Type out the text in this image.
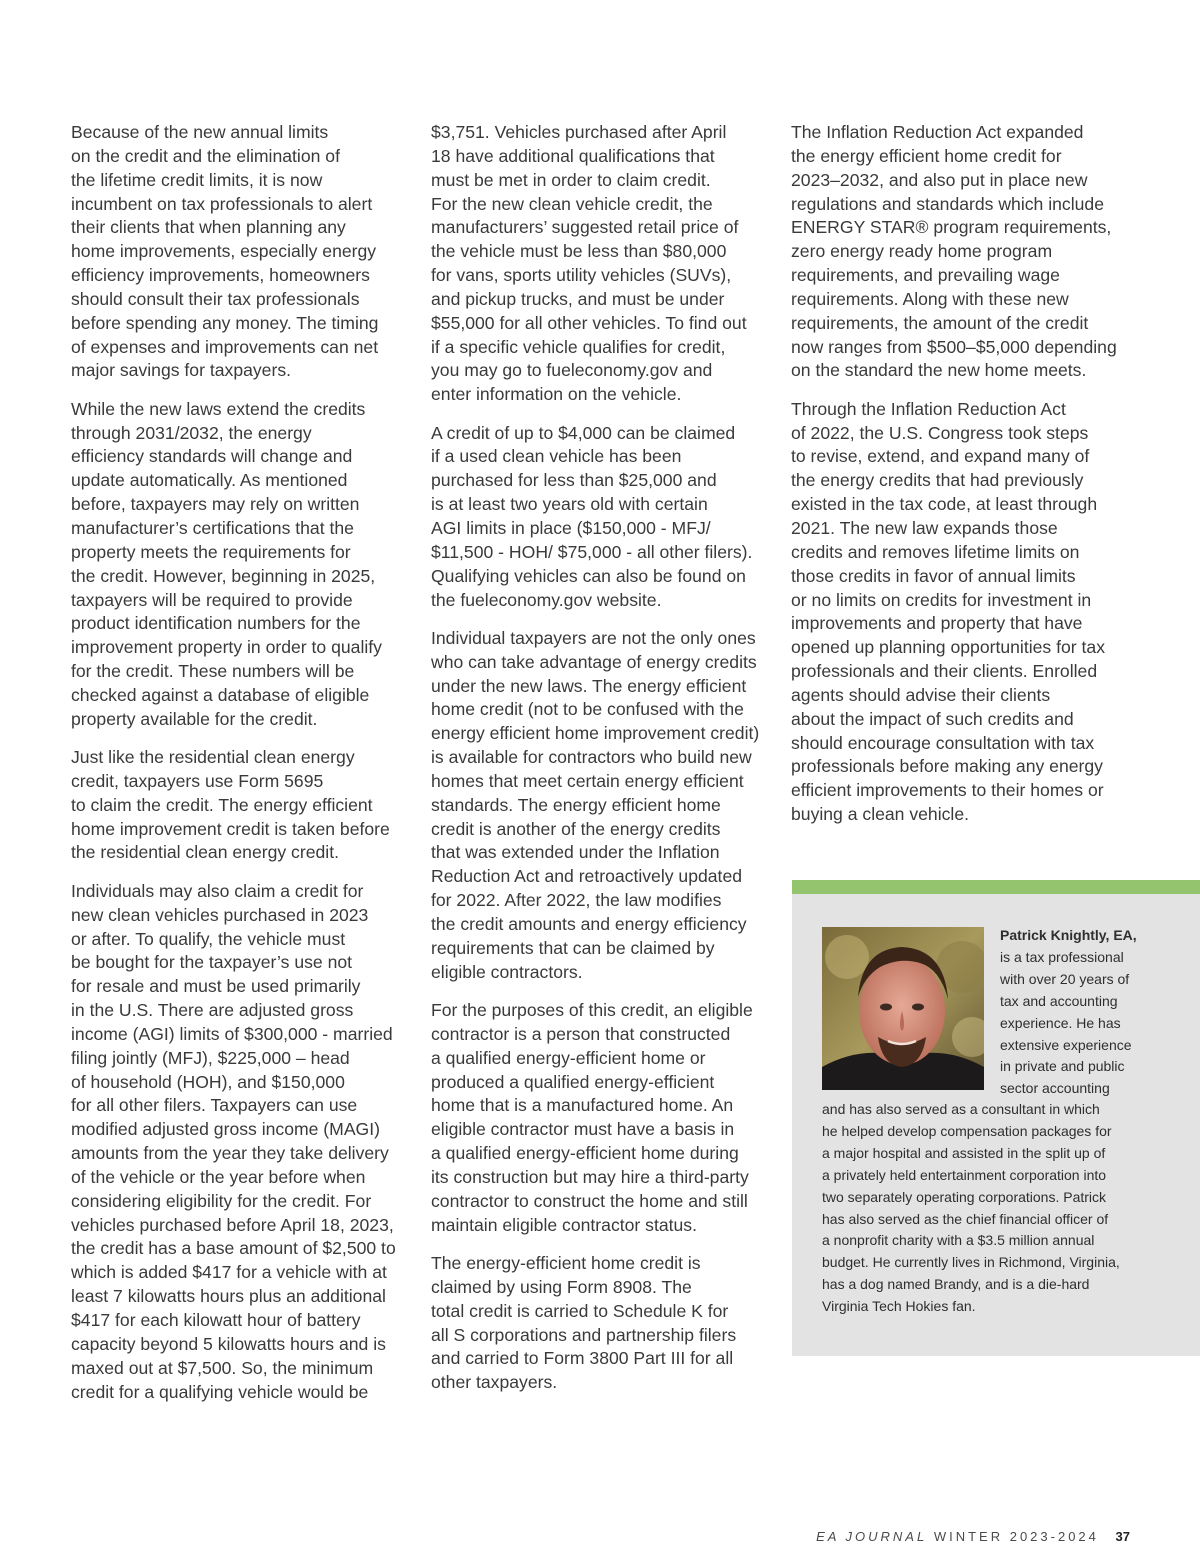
Because of the new annual limits
on the credit and the elimination of
the lifetime credit limits, it is now
incumbent on tax professionals to alert
their clients that when planning any
home improvements, especially energy
efficiency improvements, homeowners
should consult their tax professionals
before spending any money. The timing
of expenses and improvements can net
major savings for taxpayers.

While the new laws extend the credits
through 2031/2032, the energy
efficiency standards will change and
update automatically. As mentioned
before, taxpayers may rely on written
manufacturer’s certifications that the
property meets the requirements for
the credit. However, beginning in 2025,
taxpayers will be required to provide
product identification numbers for the
improvement property in order to qualify
for the credit. These numbers will be
checked against a database of eligible
property available for the credit.

Just like the residential clean energy
credit, taxpayers use Form 5695
to claim the credit. The energy efficient
home improvement credit is taken before
the residential clean energy credit.

Individuals may also claim a credit for
new clean vehicles purchased in 2023
or after. To qualify, the vehicle must
be bought for the taxpayer’s use not
for resale and must be used primarily
in the U.S. There are adjusted gross
income (AGI) limits of $300,000 - married
filing jointly (MFJ), $225,000 – head
of household (HOH), and $150,000
for all other filers. Taxpayers can use
modified adjusted gross income (MAGI)
amounts from the year they take delivery
of the vehicle or the year before when
considering eligibility for the credit. For
vehicles purchased before April 18, 2023,
the credit has a base amount of $2,500 to
which is added $417 for a vehicle with at
least 7 kilowatts hours plus an additional
$417 for each kilowatt hour of battery
capacity beyond 5 kilowatts hours and is
maxed out at $7,500. So, the minimum
credit for a qualifying vehicle would be

$3,751. Vehicles purchased after April
18 have additional qualifications that
must be met in order to claim credit.
For the new clean vehicle credit, the
manufacturers’ suggested retail price of
the vehicle must be less than $80,000
for vans, sports utility vehicles (SUVs),
and pickup trucks, and must be under
$55,000 for all other vehicles. To find out
if a specific vehicle qualifies for credit,
you may go to fueleconomy.gov and
enter information on the vehicle.

A credit of up to $4,000 can be claimed
if a used clean vehicle has been
purchased for less than $25,000 and
is at least two years old with certain
AGI limits in place ($150,000 - MFJ/
$11,500 - HOH/ $75,000 - all other filers).
Qualifying vehicles can also be found on
the fueleconomy.gov website.

Individual taxpayers are not the only ones
who can take advantage of energy credits
under the new laws. The energy efficient
home credit (not to be confused with the
energy efficient home improvement credit)
is available for contractors who build new
homes that meet certain energy efficient
standards. The energy efficient home
credit is another of the energy credits
that was extended under the Inflation
Reduction Act and retroactively updated
for 2022. After 2022, the law modifies
the credit amounts and energy efficiency
requirements that can be claimed by
eligible contractors.

For the purposes of this credit, an eligible
contractor is a person that constructed
a qualified energy-efficient home or
produced a qualified energy-efficient
home that is a manufactured home. An
eligible contractor must have a basis in
a qualified energy-efficient home during
its construction but may hire a third-party
contractor to construct the home and still
maintain eligible contractor status.

The energy-efficient home credit is
claimed by using Form 8908. The
total credit is carried to Schedule K for
all S corporations and partnership filers
and carried to Form 3800 Part III for all
other taxpayers.

The Inflation Reduction Act expanded
the energy efficient home credit for
2023–2032, and also put in place new
regulations and standards which include
ENERGY STAR® program requirements,
zero energy ready home program
requirements, and prevailing wage
requirements. Along with these new
requirements, the amount of the credit
now ranges from $500–$5,000 depending
on the standard the new home meets.

Through the Inflation Reduction Act
of 2022, the U.S. Congress took steps
to revise, extend, and expand many of
the energy credits that had previously
existed in the tax code, at least through
2021. The new law expands those
credits and removes lifetime limits on
those credits in favor of annual limits
or no limits on credits for investment in
improvements and property that have
opened up planning opportunities for tax
professionals and their clients. Enrolled
agents should advise their clients
about the impact of such credits and
should encourage consultation with tax
professionals before making any energy
efficient improvements to their homes or
buying a clean vehicle.

Patrick Knightly, EA,
is a tax professional
with over 20 years of
tax and accounting
experience. He has
extensive experience
in private and public
sector accounting
and has also served as a consultant in which
he helped develop compensation packages for
a major hospital and assisted in the split up of
a privately held entertainment corporation into
two separately operating corporations. Patrick
has also served as the chief financial officer of
a nonprofit charity with a $3.5 million annual
budget. He currently lives in Richmond, Virginia,
has a dog named Brandy, and is a die-hard
Virginia Tech Hokies fan.
EA JOURNAL WINTER 2023-2024 37
